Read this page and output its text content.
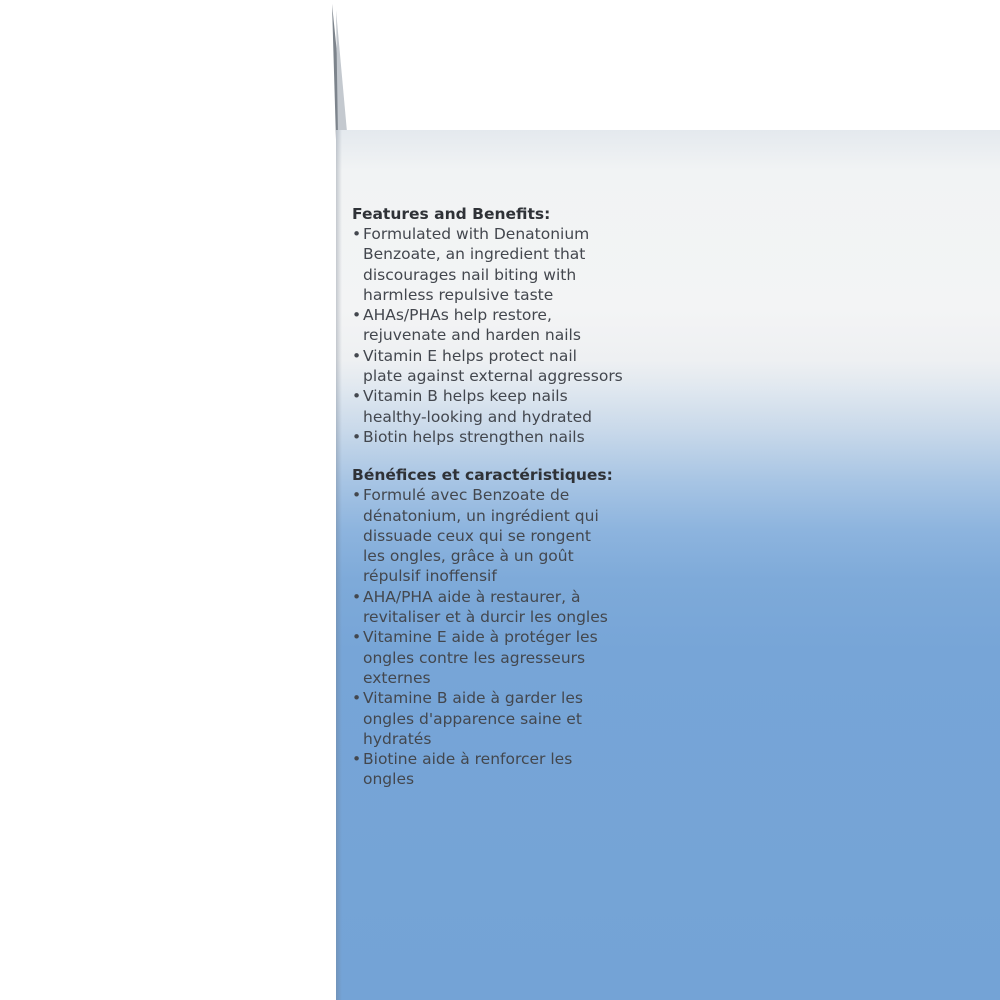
Features and Benefits:

• Formulated with Denatonium
Benzoate, an ingredient that
discourages nail biting with
harmless repulsive taste
• AHAs/PHAs help restore,
rejuvenate and harden nails
• Vitamin E helps protect nail
plate against external aggressors
• Vitamin B helps keep nails
healthy-looking and hydrated
• Biotin helps strengthen nails

Bénéfices et caractéristiques:

• Formulé avec Benzoate de
dénatonium, un ingrédient qui
dissuade ceux qui se rongent
les ongles, grâce à un goût
répulsif inoffensif
• AHA/PHA aide à restaurer, à
revitaliser et à durcir les ongles
• Vitamine E aide à protéger les
ongles contre les agresseurs
externes
• Vitamine B aide à garder les
ongles d'apparence saine et
hydratés
• Biotine aide à renforcer les
ongles
